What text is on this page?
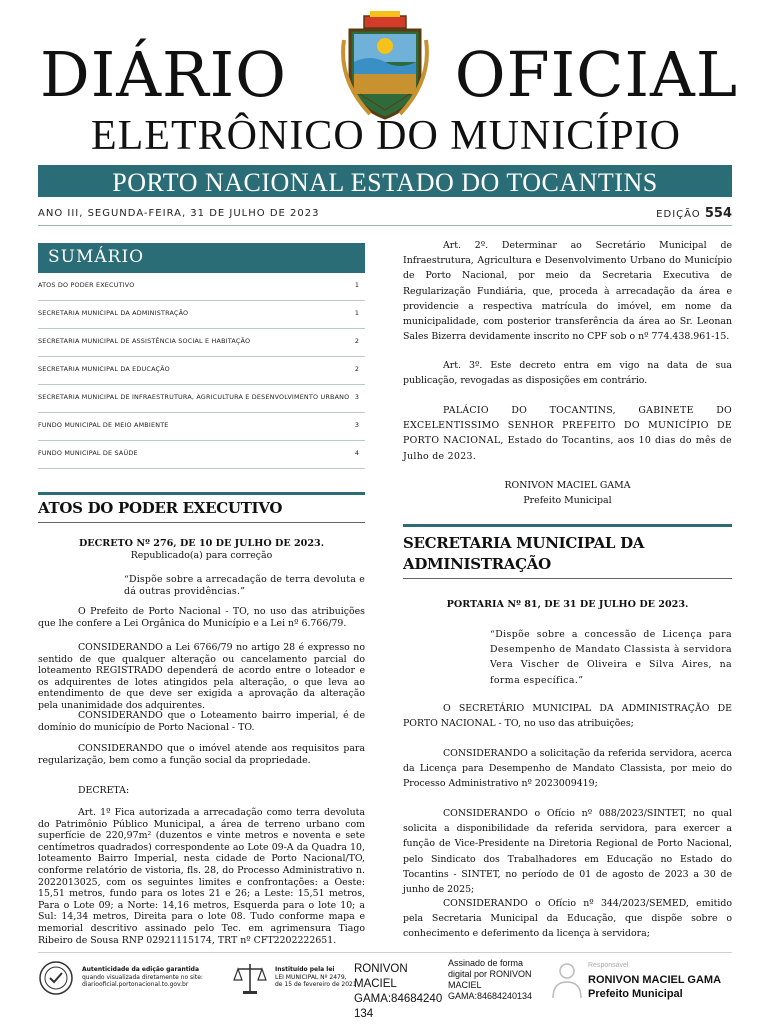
DIÁRIO	OFICIAL
ELETRÔNICO DO MUNICÍPIO
PORTO NACIONAL ESTADO DO TOCANTINS
ANO III, SEGUNDA-FEIRA, 31 DE JULHO DE 2023	EDIÇÃO 554
SUMÁRIO
ATOS DO PODER EXECUTIVO	1
SECRETARIA MUNICIPAL DA ADMINISTRAÇÃO	1
SECRETARIA MUNICIPAL DE ASSISTÊNCIA SOCIAL E HABITAÇÃO	2
SECRETARIA MUNICIPAL DA EDUCAÇÃO	2
SECRETARIA MUNICIPAL DE INFRAESTRUTURA, AGRICULTURA E DESENVOLVIMENTO URBANO 3
FUNDO MUNICIPAL DE MEIO AMBIENTE	3
FUNDO MUNICIPAL DE SAÚDE	4
ATOS DO PODER EXECUTIVO

DECRETO Nº 276, DE 10 DE JULHO DE 2023.

Republicado(a) para correção

“Dispõe sobre a arrecadação de terra devoluta e dá outras providências.”

O Prefeito de Porto Nacional - TO, no uso das atribuições que lhe confere a Lei Orgânica do Município e a Lei nº 6.766/79.

CONSIDERANDO a Lei 6766/79 no artigo 28 é expresso no sentido de que qualquer alteração ou cancelamento parcial do loteamento REGISTRADO dependerá de acordo entre o loteador e os adquirentes de lotes atingidos pela alteração, o que leva ao entendimento de que deve ser exigida a aprovação da alteração pela unanimidade dos adquirentes.

CONSIDERANDO que o Loteamento bairro imperial, é de domínio do município de Porto Nacional - TO.

CONSIDERANDO que o imóvel atende aos requisitos para regularização, bem como a função social da propriedade.

DECRETA:

Art. 1º Fica autorizada a arrecadação como terra devoluta do Patrimônio Público Municipal, a área de terreno urbano com superfície de 220,97m² (duzentos e vinte metros e noventa e sete centímetros quadrados) correspondente ao Lote 09-A da Quadra 10, loteamento Bairro Imperial, nesta cidade de Porto Nacional/TO, conforme relatório de vistoria, fls. 28, do Processo Administrativo n. 2022013025, com os seguintes limites e confrontações: a Oeste: 15,51 metros, fundo para os lotes 21 e 26; a Leste: 15,51 metros, Para o Lote 09; a Norte: 14,16 metros, Esquerda para o lote 10; a Sul: 14,34 metros, Direita para o lote 08. Tudo conforme mapa e memorial descritivo assinado pelo Tec. em agrimensura Tiago Ribeiro de Sousa RNP 02921115174, TRT nº CFT2202222651.

Art. 2º. Determinar ao Secretário Municipal de Infraestrutura, Agricultura e Desenvolvimento Urbano do Município de Porto Nacional, por meio da Secretaria Executiva de Regularização Fundiária, que, proceda à arrecadação da área e providencie a respectiva matrícula do imóvel, em nome da municipalidade, com posterior transferência da área ao Sr. Leonan Sales Bizerra devidamente inscrito no CPF sob o nº 774.438.961-15.

Art. 3º. Este decreto entra em vigo na data de sua publicação, revogadas as disposições em contrário.

PALÁCIO DO TOCANTINS, GABINETE DO EXCELENTISSIMO SENHOR PREFEITO DO MUNICÍPIO DE PORTO NACIONAL, Estado do Tocantins, aos 10 dias do mês de Julho de 2023.

RONIVON MACIEL GAMA

Prefeito Municipal

SECRETARIA MUNICIPAL DA ADMINISTRAÇÃO

PORTARIA Nº 81, DE 31 DE JULHO DE 2023.

“Dispõe sobre a concessão de Licença para Desempenho de Mandato Classista à servidora Vera Vischer de Oliveira e Silva Aires, na forma específica.”

O SECRETÁRIO MUNICIPAL DA ADMINISTRAÇÃO DE PORTO NACIONAL - TO, no uso das atribuições;

CONSIDERANDO a solicitação da referida servidora, acerca da Licença para Desempenho de Mandato Classista, por meio do Processo Administrativo nº 2023009419;

CONSIDERANDO o Ofício nº 088/2023/SINTET, no qual solicita a disponibilidade da referida servidora, para exercer a função de Vice-Presidente na Diretoria Regional de Porto Nacional, pelo Sindicato dos Trabalhadores em Educação no Estado do Tocantins - SINTET, no período de 01 de agosto de 2023 a 30 de junho de 2025;

CONSIDERANDO o Ofício nº 344/2023/SEMED, emitido pela Secretaria Municipal da Educação, que dispõe sobre o conhecimento e deferimento da licença à servidora;

Autenticidade da edição garantida
quando visualizada diretamente no site:
diariooficial.portonacional.to.gov.br
Instituído pela lei
LEI MUNICIPAL Nº 2479,
de 15 de fevereiro de 2021
RONIVON MACIEL
GAMA:84684240
134
Assinado de forma
digital por RONIVON
MACIEL
GAMA:84684240134
Responsável
RONIVON MACIEL GAMA
Prefeito Municipal
